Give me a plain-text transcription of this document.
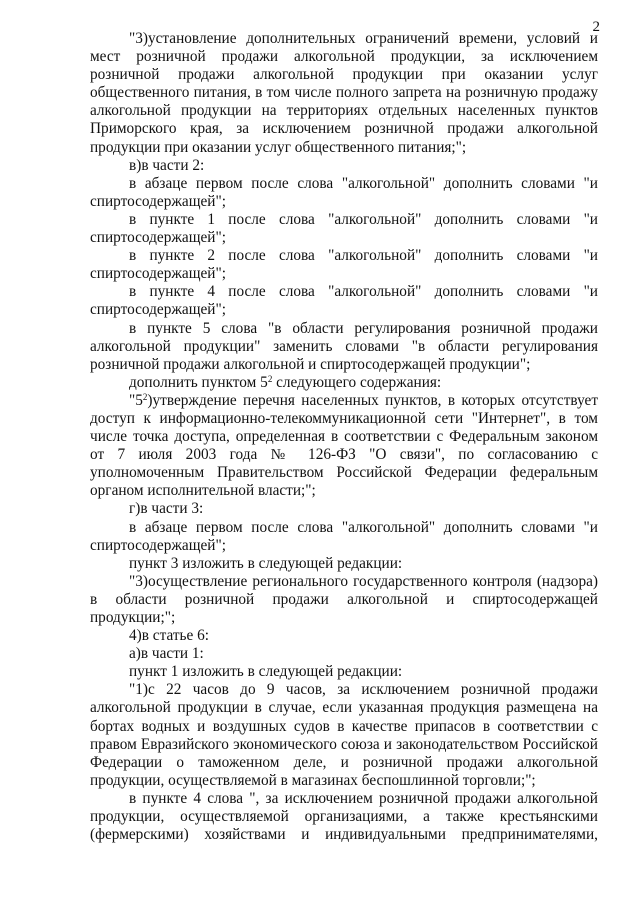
2

"3)установление дополнительных ограничений времени, условий и мест розничной продажи алкогольной продукции, за исключением розничной продажи алкогольной продукции при оказании услуг общественного питания, в том числе полного запрета на розничную продажу алкогольной продукции на территориях отдельных населенных пунктов Приморского края, за исключением розничной продажи алкогольной продукции при оказании услуг общественного питания;";

в)в части 2:

в абзаце первом после слова "алкогольной" дополнить словами "и спиртосодержащей";

в пункте 1 после слова "алкогольной" дополнить словами "и спиртосодержащей";

в пункте 2 после слова "алкогольной" дополнить словами "и спиртосодержащей";

в пункте 4 после слова "алкогольной" дополнить словами "и спиртосодержащей";

в пункте 5 слова "в области регулирования розничной продажи алкогольной продукции" заменить словами "в области регулирования розничной продажи алкогольной и спиртосодержащей продукции";

дополнить пунктом $5^2$ следующего содержания:

"$5^2)утверждение$ перечня населенных пунктов, в которых отсутствует доступ к информационно-телекоммуникационной сети "Интернет", в том числе точка доступа, определенная в соответствии с Федеральным законом от 7 июля 2003 года № 126-ФЗ "О связи", по согласованию с уполномоченным Правительством Российской Федерации федеральным органом исполнительной власти;";

г)в части 3:

в абзаце первом после слова "алкогольной" дополнить словами "и спиртосодержащей";

пункт 3 изложить в следующей редакции:

"3)осуществление регионального государственного контроля (надзора) в области розничной продажи алкогольной и спиртосодержащей продукции;";

4)в статье 6:

а)в части 1:

пункт 1 изложить в следующей редакции:

"1)с 22 часов до 9 часов, за исключением розничной продажи алкогольной продукции в случае, если указанная продукция размещена на бортах водных и воздушных судов в качестве припасов в соответствии с правом Евразийского экономического союза и законодательством Российской Федерации о таможенном деле, и розничной продажи алкогольной продукции, осуществляемой в магазинах беспошлинной торговли;";

в пункте 4 слова ", за исключением розничной продажи алкогольной продукции, осуществляемой организациями, а также крестьянскими (фермерскими) хозяйствами и индивидуальными предпринимателями,
